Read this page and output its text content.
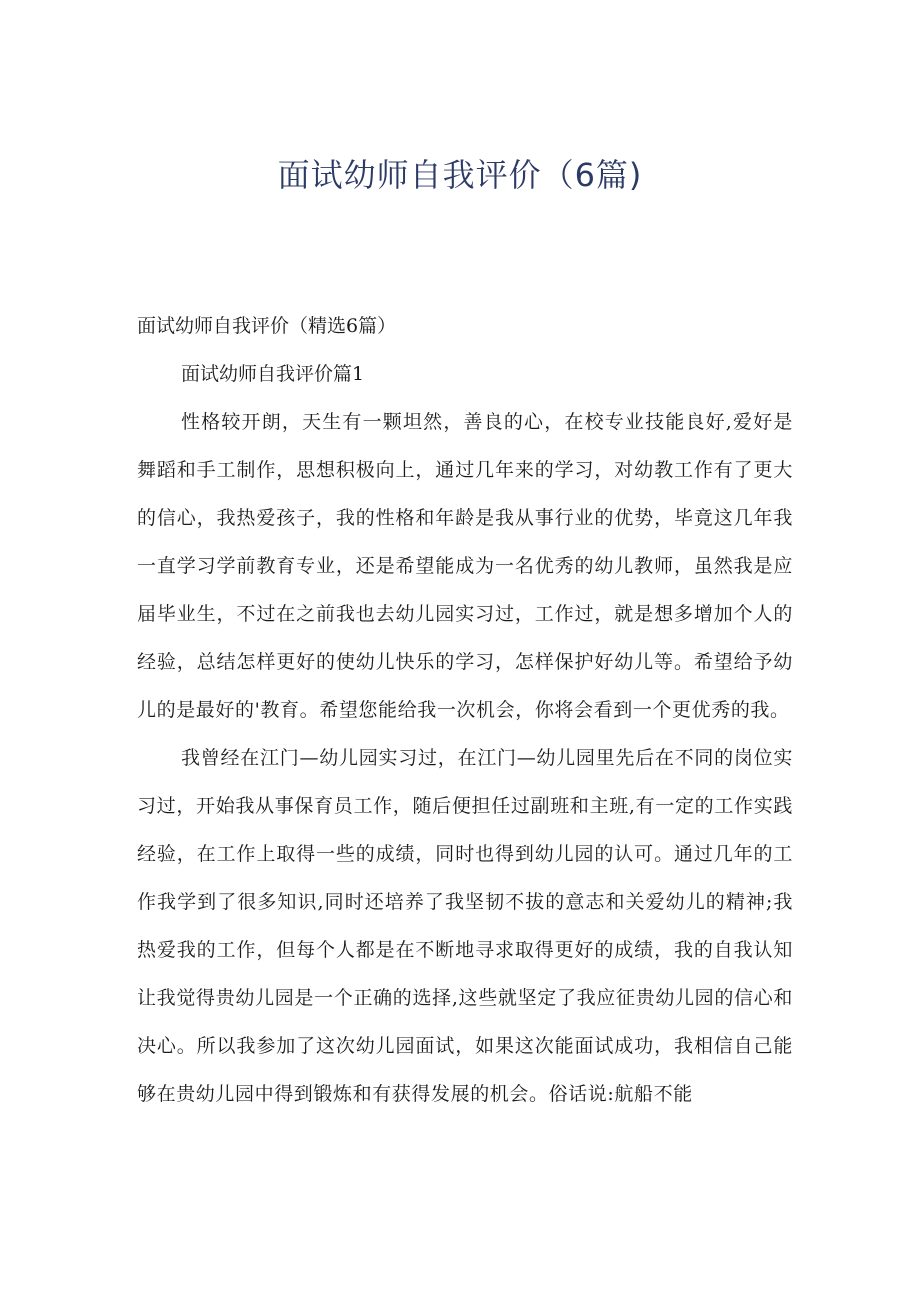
面试幼师自我评价（6篇)

面试幼师自我评价（精选6篇）

面试幼师自我评价篇1

性格较开朗，天生有一颗坦然，善良的心，在校专业技能良好,爱好是舞蹈和手工制作，思想积极向上，通过几年来的学习，对幼教工作有了更大的信心，我热爱孩子，我的性格和年龄是我从事行业的优势，毕竟这几年我一直学习学前教育专业，还是希望能成为一名优秀的幼儿教师，虽然我是应届毕业生，不过在之前我也去幼儿园实习过，工作过，就是想多增加个人的经验，总结怎样更好的使幼儿快乐的学习，怎样保护好幼儿等。希望给予幼儿的是最好的'教育。希望您能给我一次机会，你将会看到一个更优秀的我。

我曾经在江门—幼儿园实习过，在江门—幼儿园里先后在不同的岗位实习过，开始我从事保育员工作，随后便担任过副班和主班,有一定的工作实践经验，在工作上取得一些的成绩，同时也得到幼儿园的认可。通过几年的工作我学到了很多知识,同时还培养了我坚韧不拔的意志和关爱幼儿的精神;我热爱我的工作，但每个人都是在不断地寻求取得更好的成绩，我的自我认知让我觉得贵幼儿园是一个正确的选择,这些就坚定了我应征贵幼儿园的信心和决心。所以我参加了这次幼儿园面试，如果这次能面试成功，我相信自己能够在贵幼儿园中得到锻炼和有获得发展的机会。俗话说:航船不能
